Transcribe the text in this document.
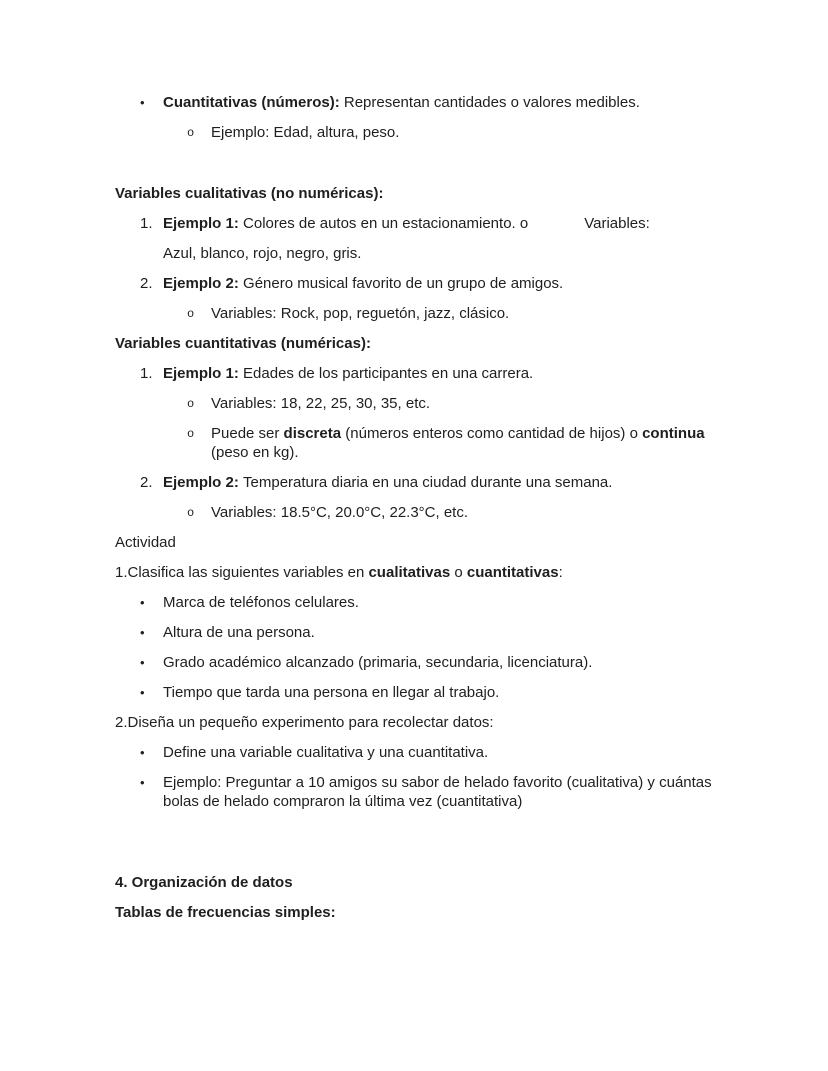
• Cuantitativas (números): Representan cantidades o valores medibles.
o Ejemplo: Edad, altura, peso.
Variables cualitativas (no numéricas):
1. Ejemplo 1: Colores de autos en un estacionamiento. o	Variables:
Azul, blanco, rojo, negro, gris.
2. Ejemplo 2: Género musical favorito de un grupo de amigos.
o Variables: Rock, pop, reguetón, jazz, clásico.
Variables cuantitativas (numéricas):
1. Ejemplo 1: Edades de los participantes en una carrera.
o Variables: 18, 22, 25, 30, 35, etc.
o Puede ser discreta (números enteros como cantidad de hijos) o continua (peso en kg).
2. Ejemplo 2: Temperatura diaria en una ciudad durante una semana.
o Variables: 18.5°C, 20.0°C, 22.3°C, etc.
Actividad
1.Clasifica las siguientes variables en cualitativas o cuantitativas:
• Marca de teléfonos celulares.
• Altura de una persona.
• Grado académico alcanzado (primaria, secundaria, licenciatura).
• Tiempo que tarda una persona en llegar al trabajo.
2.Diseña un pequeño experimento para recolectar datos:
• Define una variable cualitativa y una cuantitativa.
• Ejemplo: Preguntar a 10 amigos su sabor de helado favorito (cualitativa) y cuántas bolas de helado compraron la última vez (cuantitativa)
4. Organización de datos
Tablas de frecuencias simples:
